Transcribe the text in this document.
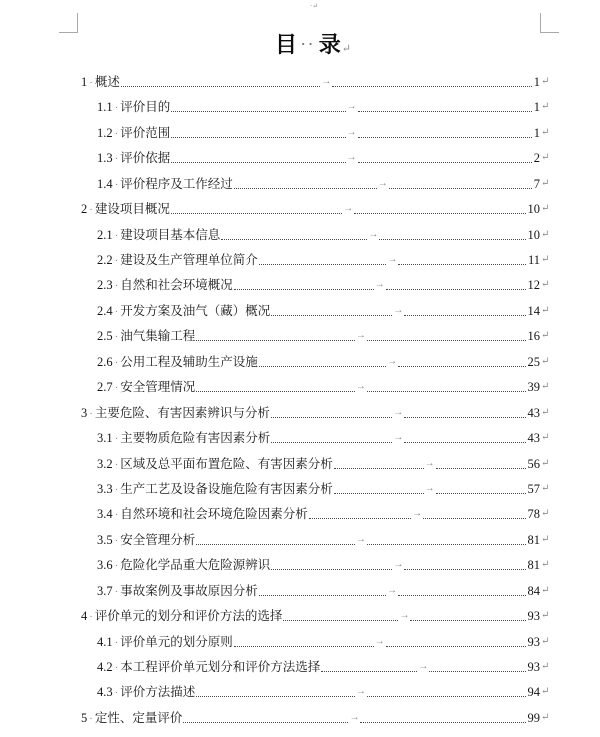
·↵
目 ·· 录↵
1 · 概述	→	1 ↵
1.1 · 评价目的	→	1 ↵
1.2 · 评价范围	→	1 ↵
1.3 · 评价依据	→	2 ↵
1.4 · 评价程序及工作经过	→	7 ↵
2 · 建设项目概况	→	10 ↵
2.1 · 建设项目基本信息	→	10 ↵
2.2 · 建设及生产管理单位简介	→	11 ↵
2.3 · 自然和社会环境概况	→	12 ↵
2.4 · 开发方案及油气（藏）概况	→	14 ↵
2.5 · 油气集输工程	→	16 ↵
2.6 · 公用工程及辅助生产设施	→	25 ↵
2.7 · 安全管理情况	→	39 ↵
3 · 主要危险、有害因素辨识与分析	→	43 ↵
3.1 · 主要物质危险有害因素分析	→	43 ↵
3.2 · 区域及总平面布置危险、有害因素分析	→	56 ↵
3.3 · 生产工艺及设备设施危险有害因素分析	→	57 ↵
3.4 · 自然环境和社会环境危险因素分析	→	78 ↵
3.5 · 安全管理分析	→	81 ↵
3.6 · 危险化学品重大危险源辨识	→	81 ↵
3.7 · 事故案例及事故原因分析	→	84 ↵
4 · 评价单元的划分和评价方法的选择	→	93 ↵
4.1 · 评价单元的划分原则	→	93 ↵
4.2 · 本工程评价单元划分和评价方法选择	→	93 ↵
4.3 · 评价方法描述	→	94 ↵
5 · 定性、定量评价	→	99 ↵
